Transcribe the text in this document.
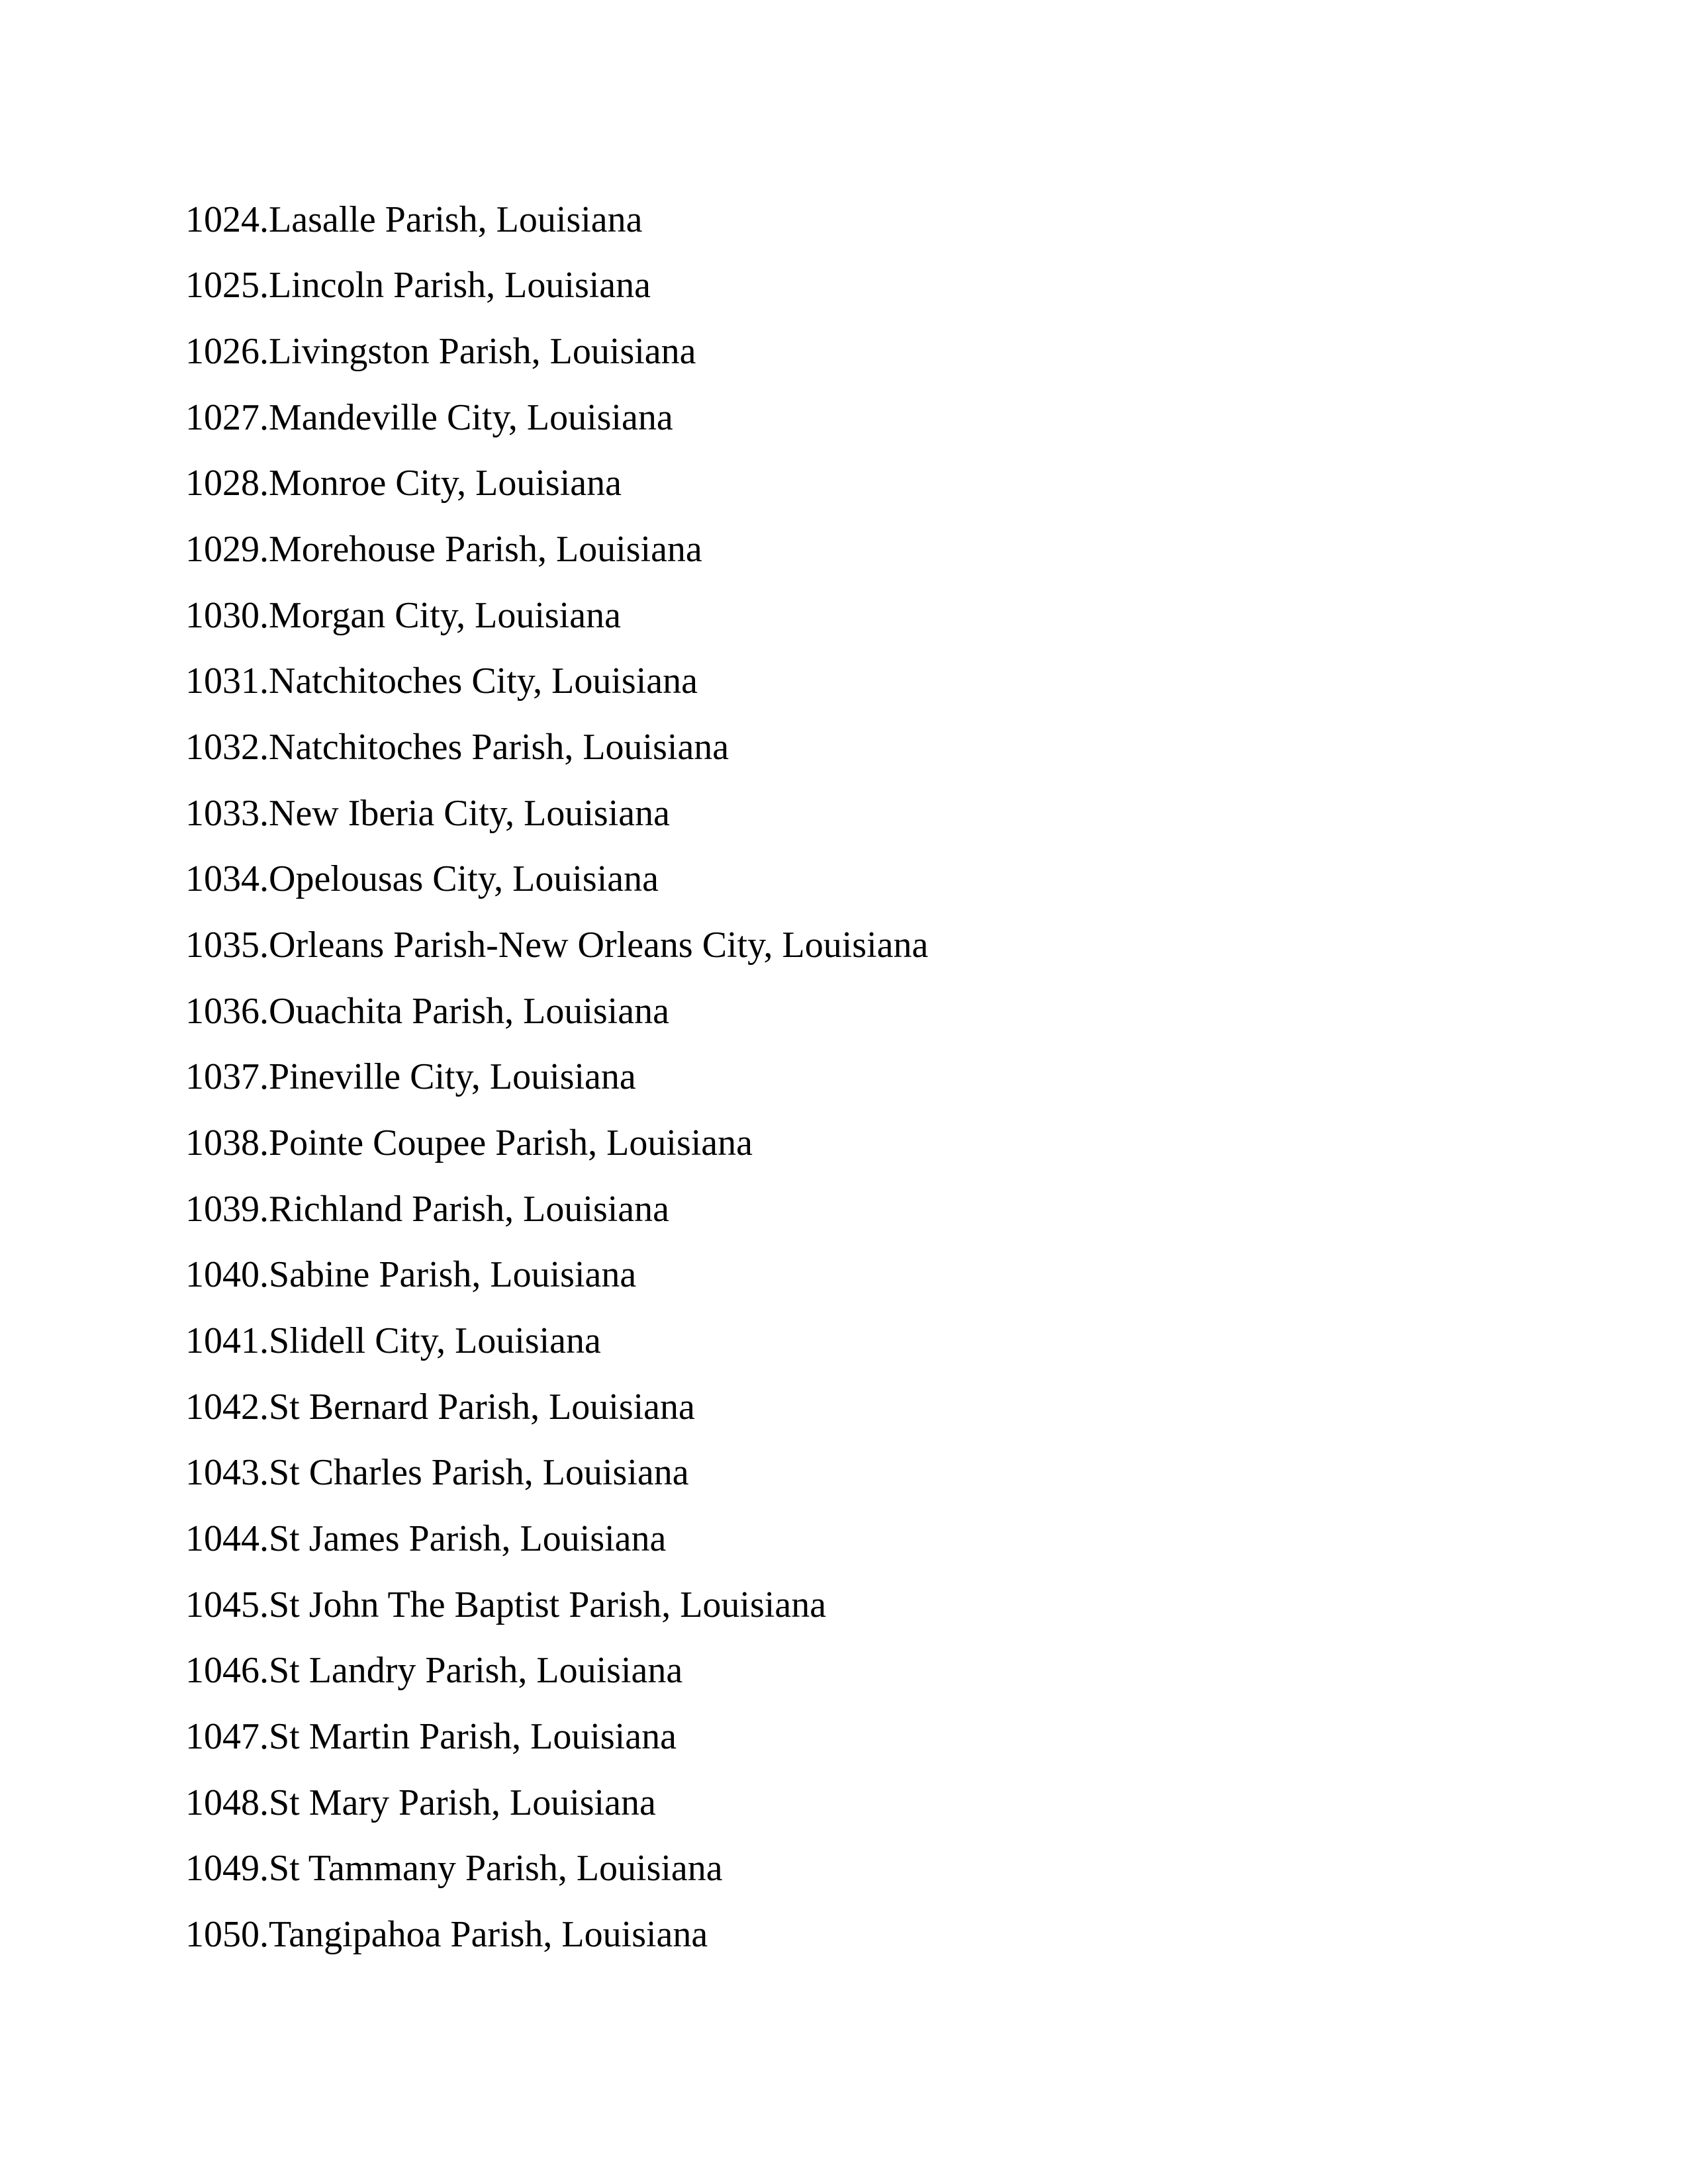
1024.Lasalle Parish, Louisiana
1025.Lincoln Parish, Louisiana
1026.Livingston Parish, Louisiana
1027.Mandeville City, Louisiana
1028.Monroe City, Louisiana
1029.Morehouse Parish, Louisiana
1030.Morgan City, Louisiana
1031.Natchitoches City, Louisiana
1032.Natchitoches Parish, Louisiana
1033.New Iberia City, Louisiana
1034.Opelousas City, Louisiana
1035.Orleans Parish-New Orleans City, Louisiana
1036.Ouachita Parish, Louisiana
1037.Pineville City, Louisiana
1038.Pointe Coupee Parish, Louisiana
1039.Richland Parish, Louisiana
1040.Sabine Parish, Louisiana
1041.Slidell City, Louisiana
1042.St Bernard Parish, Louisiana
1043.St Charles Parish, Louisiana
1044.St James Parish, Louisiana
1045.St John The Baptist Parish, Louisiana
1046.St Landry Parish, Louisiana
1047.St Martin Parish, Louisiana
1048.St Mary Parish, Louisiana
1049.St Tammany Parish, Louisiana
1050.Tangipahoa Parish, Louisiana
